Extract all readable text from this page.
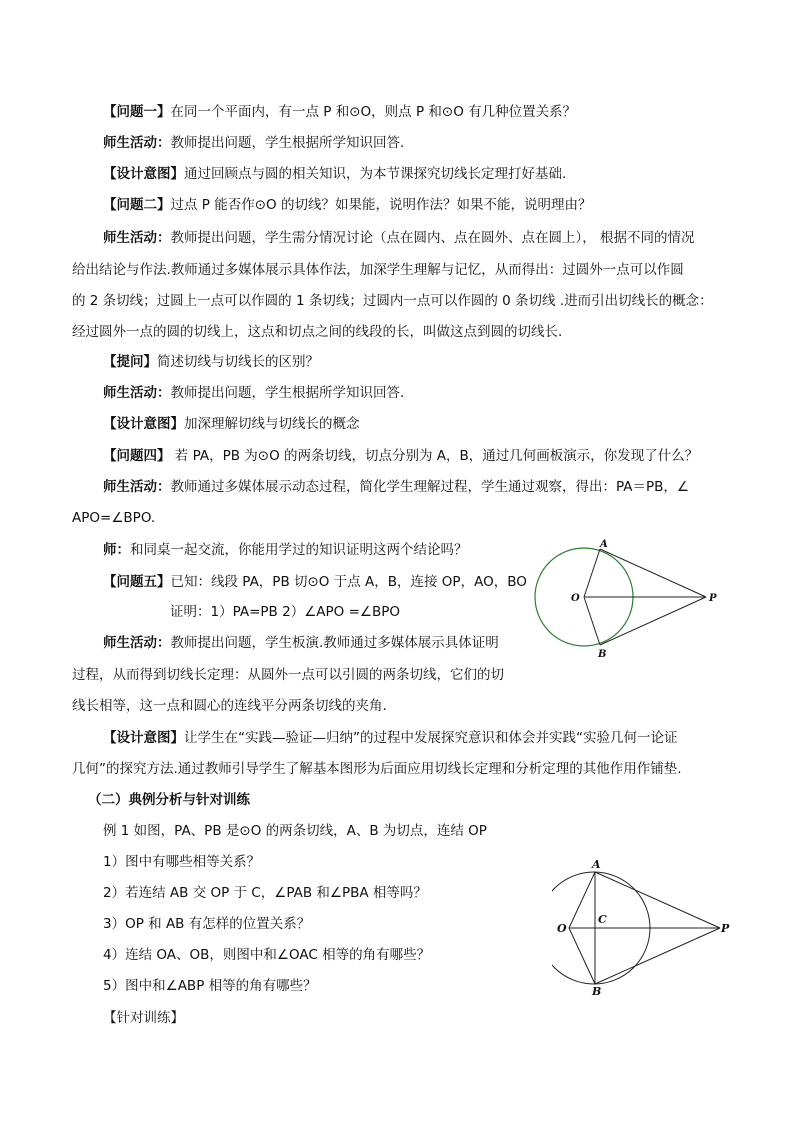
【问题一】在同一个平面内，有一点 P 和⊙O，则点 P 和⊙O 有几种位置关系？
师生活动：教师提出问题，学生根据所学知识回答.
【设计意图】通过回顾点与圆的相关知识，为本节课探究切线长定理打好基础.
【问题二】过点 P 能否作⊙O 的切线？如果能，说明作法？如果不能，说明理由？
师生活动：教师提出问题，学生需分情况讨论（点在圆内、点在圆外、点在圆上）， 根据不同的情况
给出结论与作法.教师通过多媒体展示具体作法，加深学生理解与记忆，从而得出：过圆外一点可以作圆
的 2 条切线；过圆上一点可以作圆的 1 条切线；过圆内一点可以作圆的 0 条切线 .进而引出切线长的概念：
经过圆外一点的圆的切线上，这点和切点之间的线段的长，叫做这点到圆的切线长.
【提问】简述切线与切线长的区别？
师生活动：教师提出问题，学生根据所学知识回答.
【设计意图】加深理解切线与切线长的概念
【问题四】 若 PA，PB 为⊙O 的两条切线，切点分别为 A，B，通过几何画板演示，你发现了什么？
师生活动：教师通过多媒体展示动态过程，简化学生理解过程，学生通过观察，得出：PA＝PB，∠
APO=∠BPO.
师：和同桌一起交流，你能用学过的知识证明这两个结论吗？
【问题五】已知：线段 PA，PB 切⊙O 于点 A，B，连接 OP，AO，BO
证明：1）PA=PB 2）∠APO =∠BPO
师生活动：教师提出问题，学生板演.教师通过多媒体展示具体证明
过程，从而得到切线长定理：从圆外一点可以引圆的两条切线，它们的切
线长相等，这一点和圆心的连线平分两条切线的夹角.
【设计意图】让学生在“实践—验证—归纳”的过程中发展探究意识和体会并实践“实验几何一论证
几何”的探究方法.通过教师引导学生了解基本图形为后面应用切线长定理和分析定理的其他作用作铺垫.
（二）典例分析与针对训练
例 1 如图，PA、PB 是⊙O 的两条切线，A、B 为切点，连结 OP
1）图中有哪些相等关系？
2）若连结 AB 交 OP 于 C，∠PAB 和∠PBA 相等吗？
3）OP 和 AB 有怎样的位置关系？
4）连结 OA、OB，则图中和∠OAC 相等的角有哪些？
5）图中和∠ABP 相等的角有哪些？
【针对训练】
A
O	P
B
A
O
C
P
B
